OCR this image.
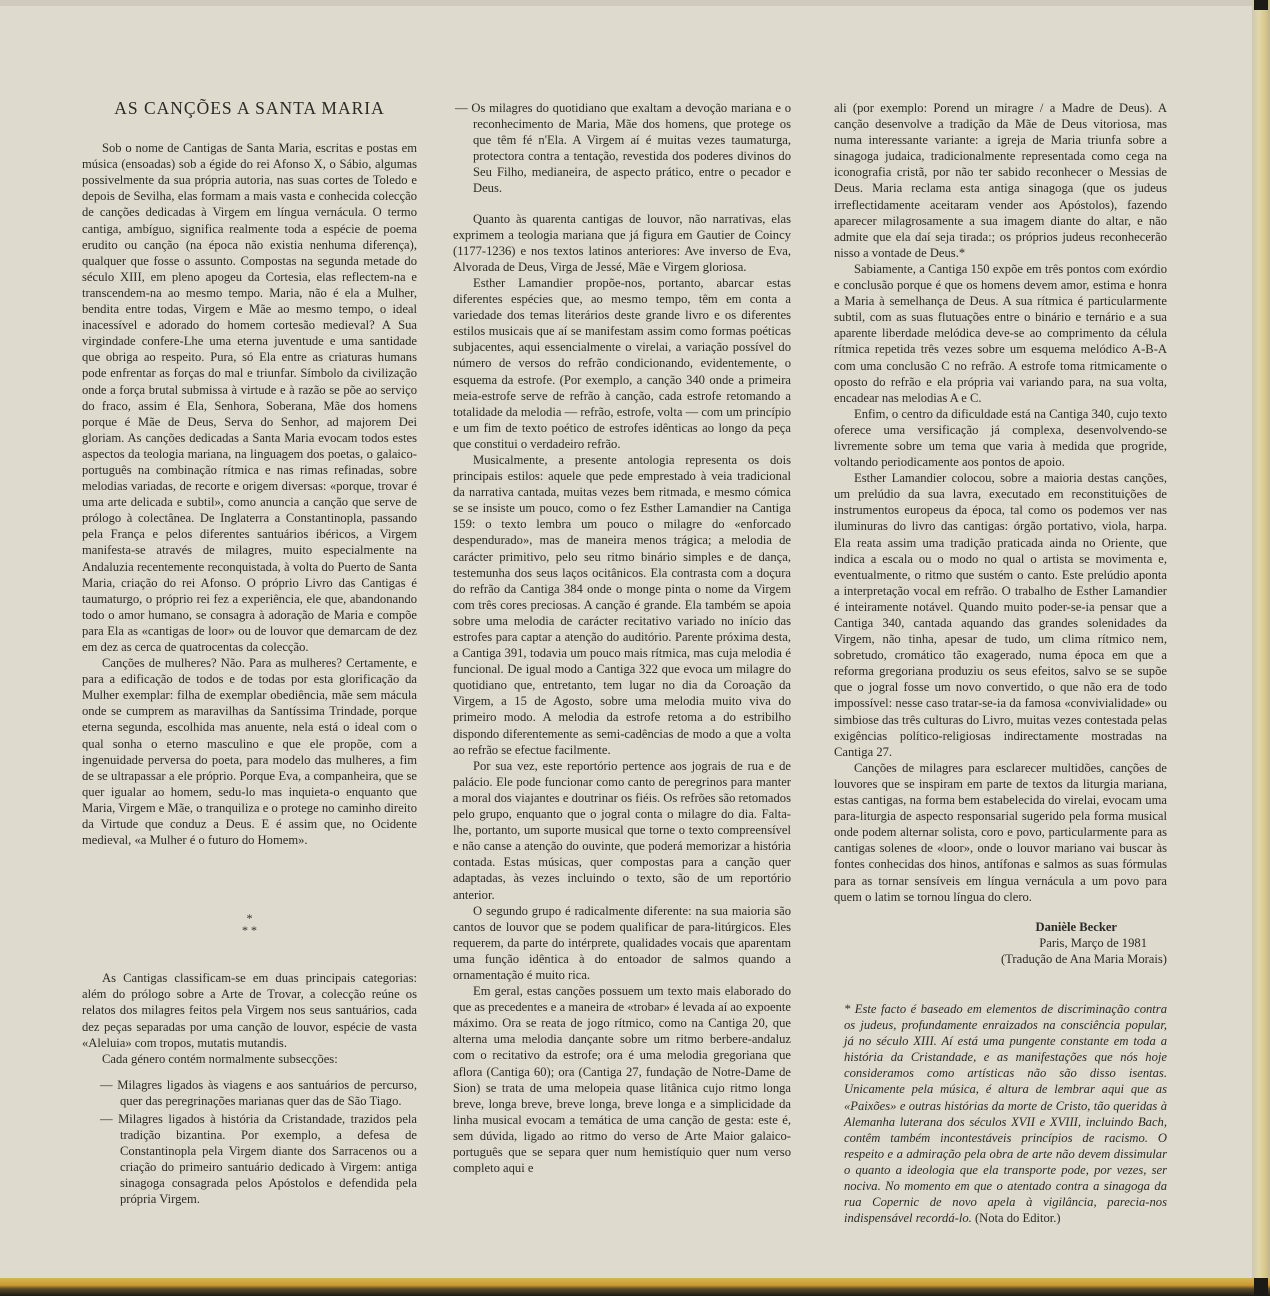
AS CANÇÕES A SANTA MARIA

Sob o nome de Cantigas de Santa Maria, escritas e postas em música (ensoadas) sob a égide do rei Afonso X, o Sábio, algumas possivelmente da sua própria autoria, nas suas cortes de Toledo e depois de Sevilha, elas formam a mais vasta e conhecida colecção de canções dedicadas à Virgem em língua vernácula. O termo cantiga, ambíguo, significa realmente toda a espécie de poema erudito ou canção (na época não existia nenhuma diferença), qualquer que fosse o assunto. Compostas na segunda metade do século XIII, em pleno apogeu da Cortesia, elas reflectem-na e transcendem-na ao mesmo tempo. Maria, não é ela a Mulher, bendita entre todas, Virgem e Mãe ao mesmo tempo, o ideal inacessível e adorado do homem cortesão medieval? A Sua virgindade confere-Lhe uma eterna juventude e uma santidade que obriga ao respeito. Pura, só Ela entre as criaturas humans pode enfrentar as forças do mal e triunfar. Símbolo da civilização onde a força brutal submissa à virtude e à razão se põe ao serviço do fraco, assim é Ela, Senhora, Soberana, Mãe dos homens porque é Mãe de Deus, Serva do Senhor, ad majorem Dei gloriam. As canções dedicadas a Santa Maria evocam todos estes aspectos da teologia mariana, na linguagem dos poetas, o galaico-português na combinação rítmica e nas rimas refinadas, sobre melodias variadas, de recorte e origem diversas: «porque, trovar é uma arte delicada e subtil», como anuncia a canção que serve de prólogo à colectânea. De Inglaterra a Constantinopla, passando pela França e pelos diferentes santuários ibéricos, a Virgem manifesta-se através de milagres, muito especialmente na Andaluzia recentemente reconquistada, à volta do Puerto de Santa Maria, criação do rei Afonso. O próprio Livro das Cantigas é taumaturgo, o próprio rei fez a experiência, ele que, abandonando todo o amor humano, se consagra à adoração de Maria e compõe para Ela as «cantigas de loor» ou de louvor que demarcam de dez em dez as cerca de quatrocentas da colecção.

Canções de mulheres? Não. Para as mulheres? Certamente, e para a edificação de todos e de todas por esta glorificação da Mulher exemplar: filha de exemplar obediência, mãe sem mácula onde se cumprem as maravilhas da Santíssima Trindade, porque eterna segunda, escolhida mas anuente, nela está o ideal com o qual sonha o eterno masculino e que ele propõe, com a ingenuidade perversa do poeta, para modelo das mulheres, a fim de se ultrapassar a ele próprio. Porque Eva, a companheira, que se quer igualar ao homem, sedu-lo mas inquieta-o enquanto que Maria, Virgem e Mãe, o tranquiliza e o protege no caminho direito da Virtude que conduz a Deus. E é assim que, no Ocidente medieval, «a Mulher é o futuro do Homem».

*
* *

As Cantigas classificam-se em duas principais categorias: além do prólogo sobre a Arte de Trovar, a colecção reúne os relatos dos milagres feitos pela Virgem nos seus santuários, cada dez peças separadas por uma canção de louvor, espécie de vasta «Aleluia» com tropos, mutatis mutandis.

Cada género contém normalmente subsecções:

— Milagres ligados às viagens e aos santuários de percurso, quer das peregrinações marianas quer das de São Tiago.
— Milagres ligados à história da Cristandade, trazidos pela tradição bizantina. Por exemplo, a defesa de Constantinopla pela Virgem diante dos Sarracenos ou a criação do primeiro santuário dedicado à Virgem: antiga sinagoga consagrada pelos Apóstolos e defendida pela própria Virgem.

— Os milagres do quotidiano que exaltam a devoção mariana e o reconhecimento de Maria, Mãe dos homens, que protege os que têm fé n'Ela. A Virgem aí é muitas vezes taumaturga, protectora contra a tentação, revestida dos poderes divinos do Seu Filho, medianeira, de aspecto prático, entre o pecador e Deus.

Quanto às quarenta cantigas de louvor, não narrativas, elas exprimem a teologia mariana que já figura em Gautier de Coincy (1177-1236) e nos textos latinos anteriores: Ave inverso de Eva, Alvorada de Deus, Virga de Jessé, Mãe e Virgem gloriosa.

Esther Lamandier propõe-nos, portanto, abarcar estas diferentes espécies que, ao mesmo tempo, têm em conta a variedade dos temas literários deste grande livro e os diferentes estilos musicais que aí se manifestam assim como formas poéticas subjacentes, aqui essencialmente o virelai, a variação possível do número de versos do refrão condicionando, evidentemente, o esquema da estrofe. (Por exemplo, a canção 340 onde a primeira meia-estrofe serve de refrão à canção, cada estrofe retomando a totalidade da melodia — refrão, estrofe, volta — com um princípio e um fim de texto poético de estrofes idênticas ao longo da peça que constitui o verdadeiro refrão.

Musicalmente, a presente antologia representa os dois principais estilos: aquele que pede emprestado à veia tradicional da narrativa cantada, muitas vezes bem ritmada, e mesmo cómica se se insiste um pouco, como o fez Esther Lamandier na Cantiga 159: o texto lembra um pouco o milagre do «enforcado despendurado», mas de maneira menos trágica; a melodia de carácter primitivo, pelo seu ritmo binário simples e de dança, testemunha dos seus laços ocitânicos. Ela contrasta com a doçura do refrão da Cantiga 384 onde o monge pinta o nome da Virgem com três cores preciosas. A canção é grande. Ela também se apoia sobre uma melodia de carácter recitativo variado no início das estrofes para captar a atenção do auditório. Parente próxima desta, a Cantiga 391, todavia um pouco mais rítmica, mas cuja melodia é funcional. De igual modo a Cantiga 322 que evoca um milagre do quotidiano que, entretanto, tem lugar no dia da Coroação da Virgem, a 15 de Agosto, sobre uma melodia muito viva do primeiro modo. A melodia da estrofe retoma a do estribilho dispondo diferentemente as semi-cadências de modo a que a volta ao refrão se efectue facilmente.

Por sua vez, este reportório pertence aos jograis de rua e de palácio. Ele pode funcionar como canto de peregrinos para manter a moral dos viajantes e doutrinar os fiéis. Os refrões são retomados pelo grupo, enquanto que o jogral conta o milagre do dia. Falta-lhe, portanto, um suporte musical que torne o texto compreensível e não canse a atenção do ouvinte, que poderá memorizar a história contada. Estas músicas, quer compostas para a canção quer adaptadas, às vezes incluindo o texto, são de um reportório anterior.

O segundo grupo é radicalmente diferente: na sua maioria são cantos de louvor que se podem qualificar de para-litúrgicos. Eles requerem, da parte do intérprete, qualidades vocais que aparentam uma função idêntica à do entoador de salmos quando a ornamentação é muito rica.

Em geral, estas canções possuem um texto mais elaborado do que as precedentes e a maneira de «trobar» é levada aí ao expoente máximo. Ora se reata de jogo rítmico, como na Cantiga 20, que alterna uma melodia dançante sobre um ritmo berbere-andaluz com o recitativo da estrofe; ora é uma melodia gregoriana que aflora (Cantiga 60); ora (Cantiga 27, fundação de Notre-Dame de Sion) se trata de uma melopeia quase litânica cujo ritmo longa breve, longa breve, breve longa, breve longa e a simplicidade da linha musical evocam a temática de uma canção de gesta: este é, sem dúvida, ligado ao ritmo do verso de Arte Maior galaico-português que se separa quer num hemistíquio quer num verso completo aqui e

ali (por exemplo: Porend un miragre / a Madre de Deus). A canção desenvolve a tradição da Mãe de Deus vitoriosa, mas numa interessante variante: a igreja de Maria triunfa sobre a sinagoga judaica, tradicionalmente representada como cega na iconografia cristã, por não ter sabido reconhecer o Messias de Deus. Maria reclama esta antiga sinagoga (que os judeus irreflectidamente aceitaram vender aos Apóstolos), fazendo aparecer milagrosamente a sua imagem diante do altar, e não admite que ela daí seja tirada:; os próprios judeus reconhecerão nisso a vontade de Deus.*

Sabiamente, a Cantiga 150 expõe em três pontos com exórdio e conclusão porque é que os homens devem amor, estima e honra a Maria à semelhança de Deus. A sua rítmica é particularmente subtil, com as suas flutuações entre o binário e ternário e a sua aparente liberdade melódica deve-se ao comprimento da célula rítmica repetida três vezes sobre um esquema melódico A-B-A com uma conclusão C no refrão. A estrofe toma ritmicamente o oposto do refrão e ela própria vai variando para, na sua volta, encadear nas melodias A e C.

Enfim, o centro da dificuldade está na Cantiga 340, cujo texto oferece uma versificação já complexa, desenvolvendo-se livremente sobre um tema que varia à medida que progride, voltando periodicamente aos pontos de apoio.

Esther Lamandier colocou, sobre a maioria destas canções, um prelúdio da sua lavra, executado em reconstituições de instrumentos europeus da época, tal como os podemos ver nas iluminuras do livro das cantigas: órgão portativo, viola, harpa. Ela reata assim uma tradição praticada ainda no Oriente, que indica a escala ou o modo no qual o artista se movimenta e, eventualmente, o ritmo que sustém o canto. Este prelúdio aponta a interpretação vocal em refrão. O trabalho de Esther Lamandier é inteiramente notável. Quando muito poder-se-ia pensar que a Cantiga 340, cantada aquando das grandes solenidades da Virgem, não tinha, apesar de tudo, um clima rítmico nem, sobretudo, cromático tão exagerado, numa época em que a reforma gregoriana produziu os seus efeitos, salvo se se supõe que o jogral fosse um novo convertido, o que não era de todo impossível: nesse caso tratar-se-ia da famosa «convivialidade» ou simbiose das três culturas do Livro, muitas vezes contestada pelas exigências político-religiosas indirectamente mostradas na Cantiga 27.

Canções de milagres para esclarecer multidões, canções de louvores que se inspiram em parte de textos da liturgia mariana, estas cantigas, na forma bem estabelecida do virelai, evocam uma para-liturgia de aspecto responsarial sugerido pela forma musical onde podem alternar solista, coro e povo, particularmente para as cantigas solenes de «loor», onde o louvor mariano vai buscar às fontes conhecidas dos hinos, antífonas e salmos as suas fórmulas para as tornar sensíveis em língua vernácula a um povo para quem o latim se tornou língua do clero.

Danièle Becker
Paris, Março de 1981
(Tradução de Ana Maria Morais)

* Este facto é baseado em elementos de discriminação contra os judeus, profundamente enraizados na consciência popular, já no século XIII. Aí está uma pungente constante em toda a história da Cristandade, e as manifestações que nós hoje consideramos como artísticas não são disso isentas. Unicamente pela música, é altura de lembrar aqui que as «Paixões» e outras histórias da morte de Cristo, tão queridas à Alemanha luterana dos séculos XVII e XVIII, incluindo Bach, contêm também incontestáveis princípios de racismo. O respeito e a admiração pela obra de arte não devem dissimular o quanto a ideologia que ela transporte pode, por vezes, ser nociva. No momento em que o atentado contra a sinagoga da rua Copernic de novo apela à vigilância, parecia-nos indispensável recordá-lo. (Nota do Editor.)
